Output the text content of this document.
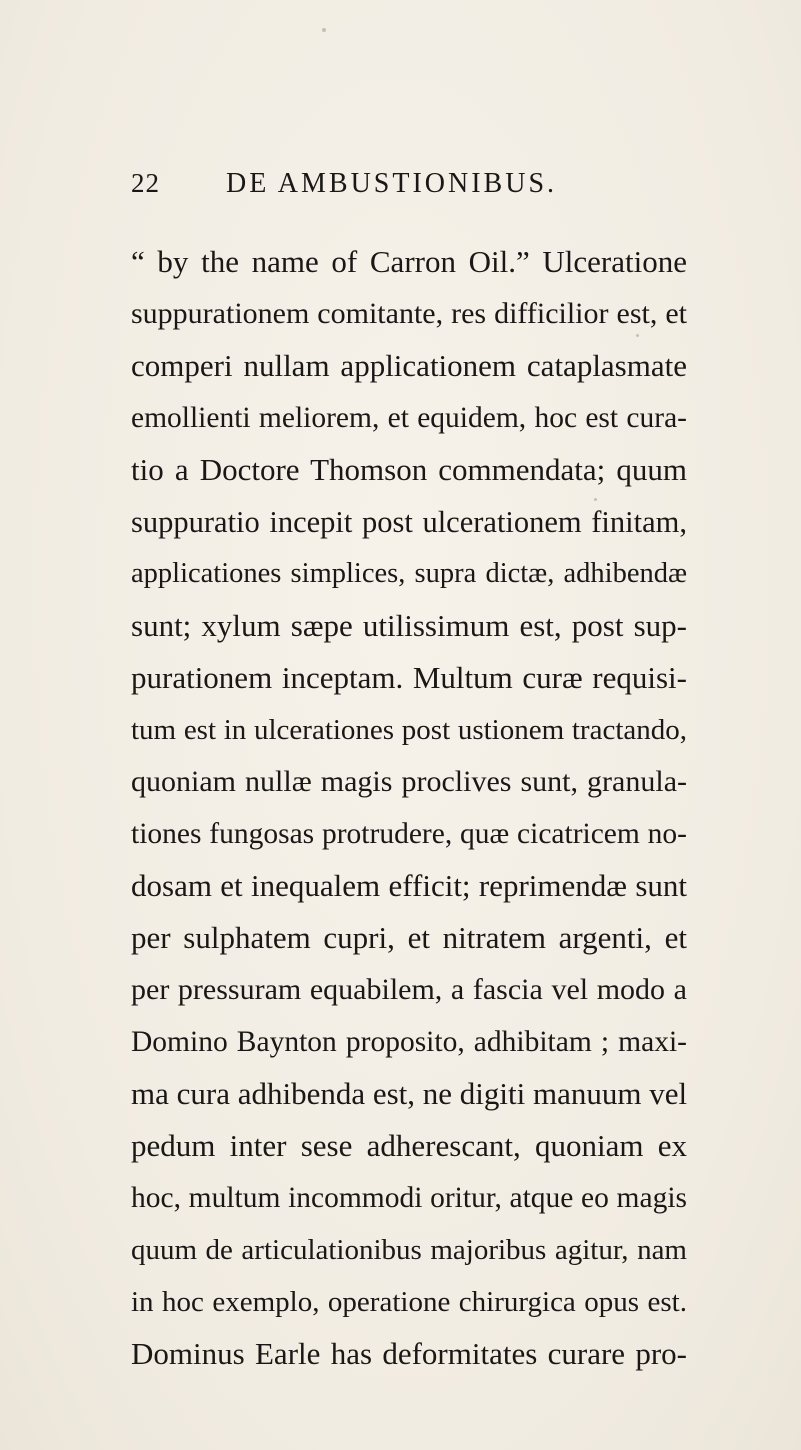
22 DE AMBUSTIONIBUS.
“ by the name of Carron Oil.” Ulceratione
suppurationem comitante, res difficilior est, et
comperi nullam applicationem cataplasmate
emollienti meliorem, et equidem, hoc est cura-
tio a Doctore Thomson commendata; quum
suppuratio incepit post ulcerationem finitam,
applicationes simplices, supra dictæ, adhibendæ
sunt; xylum sæpe utilissimum est, post sup-
purationem inceptam. Multum curæ requisi-
tum est in ulcerationes post ustionem tractando,
quoniam nullæ magis proclives sunt, granula-
tiones fungosas protrudere, quæ cicatricem no-
dosam et inequalem efficit; reprimendæ sunt
per sulphatem cupri, et nitratem argenti, et
per pressuram equabilem, a fascia vel modo a
Domino Baynton proposito, adhibitam ; maxi-
ma cura adhibenda est, ne digiti manuum vel
pedum inter sese adherescant, quoniam ex
hoc, multum incommodi oritur, atque eo magis
quum de articulationibus majoribus agitur, nam
in hoc exemplo, operatione chirurgica opus est.
Dominus Earle has deformitates curare pro-
